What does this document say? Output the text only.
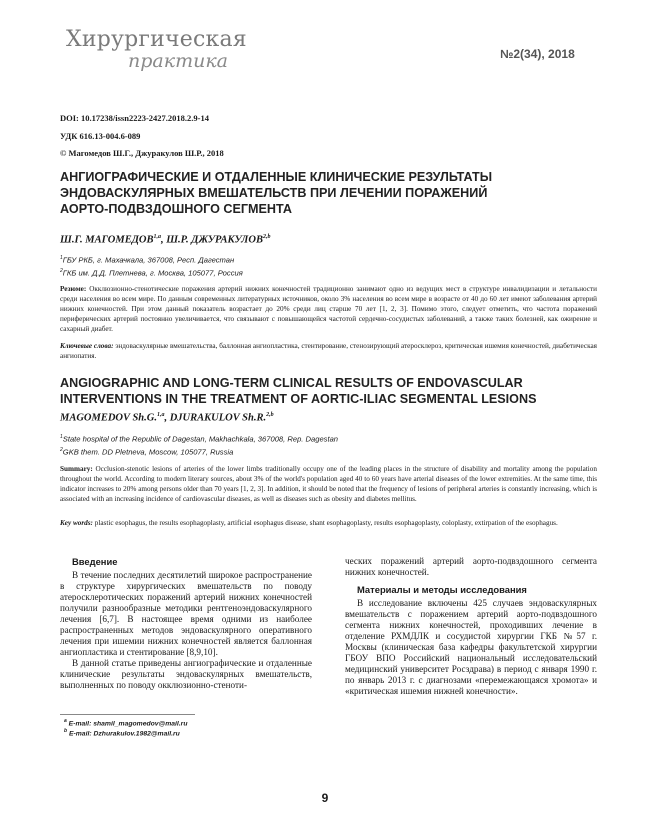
Хирургическая
практика	№2(34), 2018
DOI: 10.17238/issn2223-2427.2018.2.9-14
УДК 616.13-004.6-089
© Магомедов Ш.Г., Джуракулов Ш.Р., 2018
АНГИОГРАФИЧЕСКИЕ И ОТДАЛЕННЫЕ КЛИНИЧЕСКИЕ РЕЗУЛЬТАТЫ
ЭНДОВАСКУЛЯРНЫХ ВМЕШАТЕЛЬСТВ ПРИ ЛЕЧЕНИИ ПОРАЖЕНИЙ
АОРТО-ПОДВЗДОШНОГО СЕГМЕНТА
Ш.Г. МАГОМЕДОВ$^{1,a}$, Ш.Р. ДЖУРАКУЛОВ$^{2,b}$
$^1$ГБУ РКБ, г. Махачкала, 367008, Респ. Дагестан
$^2$ГКБ им. Д.Д. Плетнева, г. Москва, 105077, Россия
Резюме: Окклюзионно-стенотические поражения артерий нижних конечностей традиционно занимают одно из ведущих мест в структуре инвалидизации и летальности среди населения во всем мире. По данным современных литературных источников, около 3% населения во всем мире в возрасте от 40 до 60 лет имеют заболевания артерий нижних конечностей. При этом данный показатель возрастает до 20% среди лиц старше 70 лет [1, 2, 3]. Помимо этого, следует отметить, что частота поражений периферических артерий постоянно увеличивается, что связывают с повышающейся частотой сердечно-сосудистых заболеваний, а также таких болезней, как ожирение и сахарный диабет.
Ключевые слова: эндоваскулярные вмешательства, баллонная ангиопластика, стентирование, стенозирующий атеросклероз, критическая ишемия конечностей, диабетическая ангиопатия.
ANGIOGRAPHIC AND LONG-TERM CLINICAL RESULTS OF ENDOVASCULAR
INTERVENTIONS IN THE TREATMENT OF AORTIC-ILIAC SEGMENTAL LESIONS
MAGOMEDOV Sh.G.$^{1,a}$, DJURAKULOV Sh.R.$^{2,b}$
$^1$State hospital of the Republic of Dagestan, Makhachkala, 367008, Rep. Dagestan
$^2$GKB them. DD Pletneva, Moscow, 105077, Russia
Summary: Occlusion-stenotic lesions of arteries of the lower limbs traditionally occupy one of the leading places in the structure of disability and mortality among the population throughout the world. According to modern literary sources, about 3% of the world's population aged 40 to 60 years have arterial diseases of the lower extremities. At the same time, this indicator increases to 20% among persons older than 70 years [1, 2, 3]. In addition, it should be noted that the frequency of lesions of peripheral arteries is constantly increasing, which is associated with an increasing incidence of cardiovascular diseases, as well as diseases such as obesity and diabetes mellitus.
Key words: plastic esophagus, the results esophagoplasty, artificial esophagus disease, shant esophagoplasty, results esophagoplasty, coloplasty, extirpation of the esophagus.
Введение

В течение последних десятилетий широкое распространение в структуре хирургических вмешательств по поводу атеросклеротических поражений артерий нижних конечностей получили разнообразные методики рентгеноэндоваскулярного лечения [6,7]. В настоящее время одними из наиболее распространенных методов эндоваскулярного оперативного лечения при ишемии нижних конечностей является баллонная ангиопластика и стентирование [8,9,10].

В данной статье приведены ангиографические и отдаленные клинические результаты эндоваскулярных вмешательств, выполненных по поводу окклюзионно-стеноти-

ческих поражений артерий аорто-подвздошного сегмента нижних конечностей.

Материалы и методы исследования

В исследование включены 425 случаев эндоваскулярных вмешательств с поражением артерий аорто-подвздошного сегмента нижних конечностей, проходивших лечение в отделение РХМДЛК и сосудистой хирургии ГКБ №57 г. Москвы (клиническая база кафедры факультетской хирургии ГБОУ ВПО Российский национальный исследовательский медицинский университет Росздрава) в период с января 1990 г. по январь 2013 г. с диагнозами «перемежающаяся хромота» и «критическая ишемия нижней конечности».

$^a$ E-mail: shamil_magomedov@mail.ru
$^b$ E-mail: Dzhurakulov.1982@mail.ru
9
